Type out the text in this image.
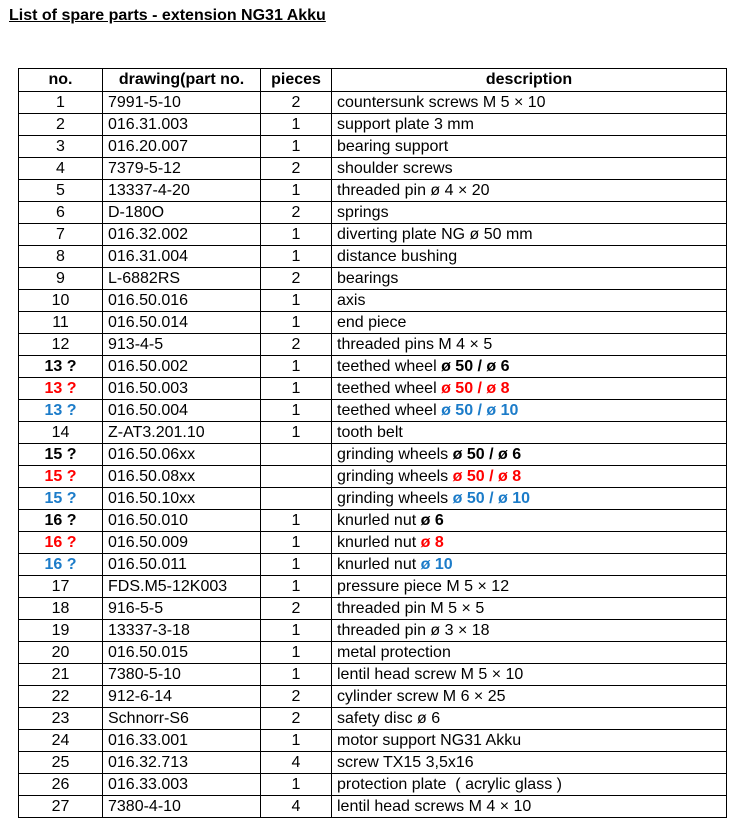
List of spare parts - extension NG31 Akku
no.	drawing(part no.	pieces	description
1	7991-5-10	2	countersunk screws M 5 × 10
2	016.31.003	1	support plate 3 mm
3	016.20.007	1	bearing support
4	7379-5-12	2	shoulder screws
5	13337-4-20	1	threaded pin ø 4 × 20
6	D-180O	2	springs
7	016.32.002	1	diverting plate NG ø 50 mm
8	016.31.004	1	distance bushing
9	L-6882RS	2	bearings
10	016.50.016	1	axis
11	016.50.014	1	end piece
12	913-4-5	2	threaded pins M 4 × 5
13 ?	016.50.002	1	teethed wheel ø 50 / ø 6
13 ?	016.50.003	1	teethed wheel ø 50 / ø 8
13 ?	016.50.004	1	teethed wheel ø 50 / ø 10
14	Z-AT3.201.10	1	tooth belt
15 ?	016.50.06xx		grinding wheels ø 50 / ø 6
15 ?	016.50.08xx		grinding wheels ø 50 / ø 8
15 ?	016.50.10xx		grinding wheels ø 50 / ø 10
16 ?	016.50.010	1	knurled nut ø 6
16 ?	016.50.009	1	knurled nut ø 8
16 ?	016.50.011	1	knurled nut ø 10
17	FDS.M5-12K003	1	pressure piece M 5 × 12
18	916-5-5	2	threaded pin M 5 × 5
19	13337-3-18	1	threaded pin ø 3 × 18
20	016.50.015	1	metal protection
21	7380-5-10	1	lentil head screw M 5 × 10
22	912-6-14	2	cylinder screw M 6 × 25
23	Schnorr-S6	2	safety disc ø 6
24	016.33.001	1	motor support NG31 Akku
25	016.32.713	4	screw TX15 3,5x16
26	016.33.003	1	protection plate  ( acrylic glass )
27	7380-4-10	4	lentil head screws M 4 × 10
